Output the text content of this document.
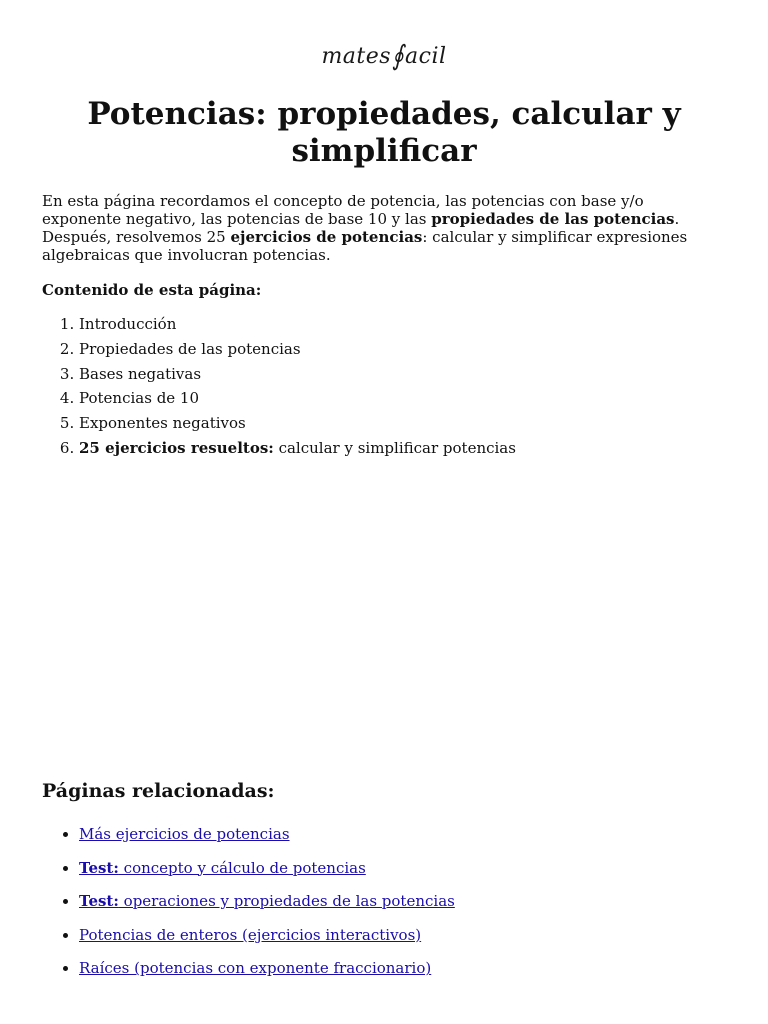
mates∮acil
Potencias: propiedades, calcular y simplificar

En esta página recordamos el concepto de potencia, las potencias con base y/o exponente negativo, las potencias de base 10 y las propiedades de las potencias. Después, resolvemos 25 ejercicios de potencias: calcular y simplificar expresiones algebraicas que involucran potencias.

Contenido de esta página:

1. Introducción
2. Propiedades de las potencias
3. Bases negativas
4. Potencias de 10
5. Exponentes negativos
6. 25 ejercicios resueltos: calcular y simplificar potencias

Páginas relacionadas:

• Más ejercicios de potencias
• Test: concepto y cálculo de potencias
• Test: operaciones y propiedades de las potencias
• Potencias de enteros (ejercicios interactivos)
• Raíces (potencias con exponente fraccionario)
